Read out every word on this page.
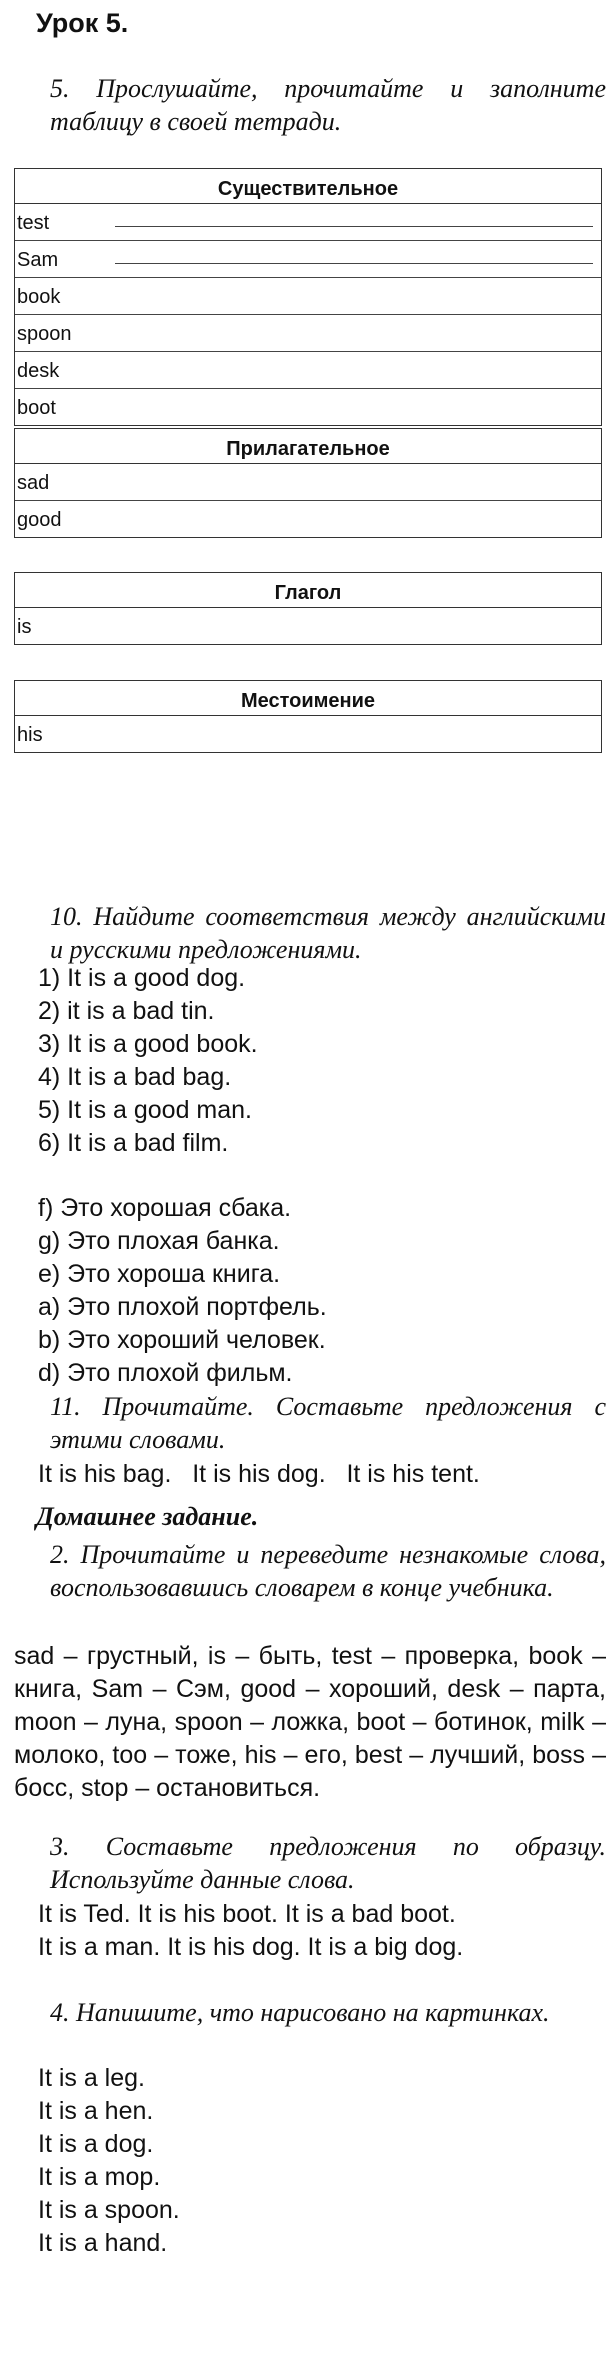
Урок 5.
5. Прослушайте, прочитайте и заполните таблицу в своей тетради.
Существительное
test
Sam
book
spoon
desk
boot
Прилагательное
sad
good
Глагол
is
Местоимение
his
10. Найдите соответствия между английскими и русскими предложениями.
1) It is a good dog.
2) it is a bad tin.
3) It is a good book.
4) It is a bad bag.
5) It is a good man.
6) It is a bad film.
f) Это хорошая сбака.
g) Это плохая банка.
e) Это хороша книга.
a) Это плохой портфель.
b) Это хороший человек.
d) Это плохой фильм.
11. Прочитайте. Составьте предложения с этими словами.
It is his bag.   It is his dog.   It is his tent.
Домашнее задание.
2. Прочитайте и переведите незнакомые слова, воспользовавшись словарем в конце учебника.
sad – грустный, is – быть, test – проверка, book – книга, Sam – Сэм, good – хороший, desk – парта, moon – луна, spoon – ложка, boot – ботинок, milk – молоко, too – тоже, his – его, best – лучший, boss – босс, stop – остановиться.
3. Составьте предложения по образцу. Используйте данные слова.
It is Ted. It is his boot. It is a bad boot.
It is a man. It is his dog. It is a big dog.
4. Напишите, что нарисовано на картинках.
It is a leg.
It is a hen.
It is a dog.
It is a mop.
It is a spoon.
It is a hand.
